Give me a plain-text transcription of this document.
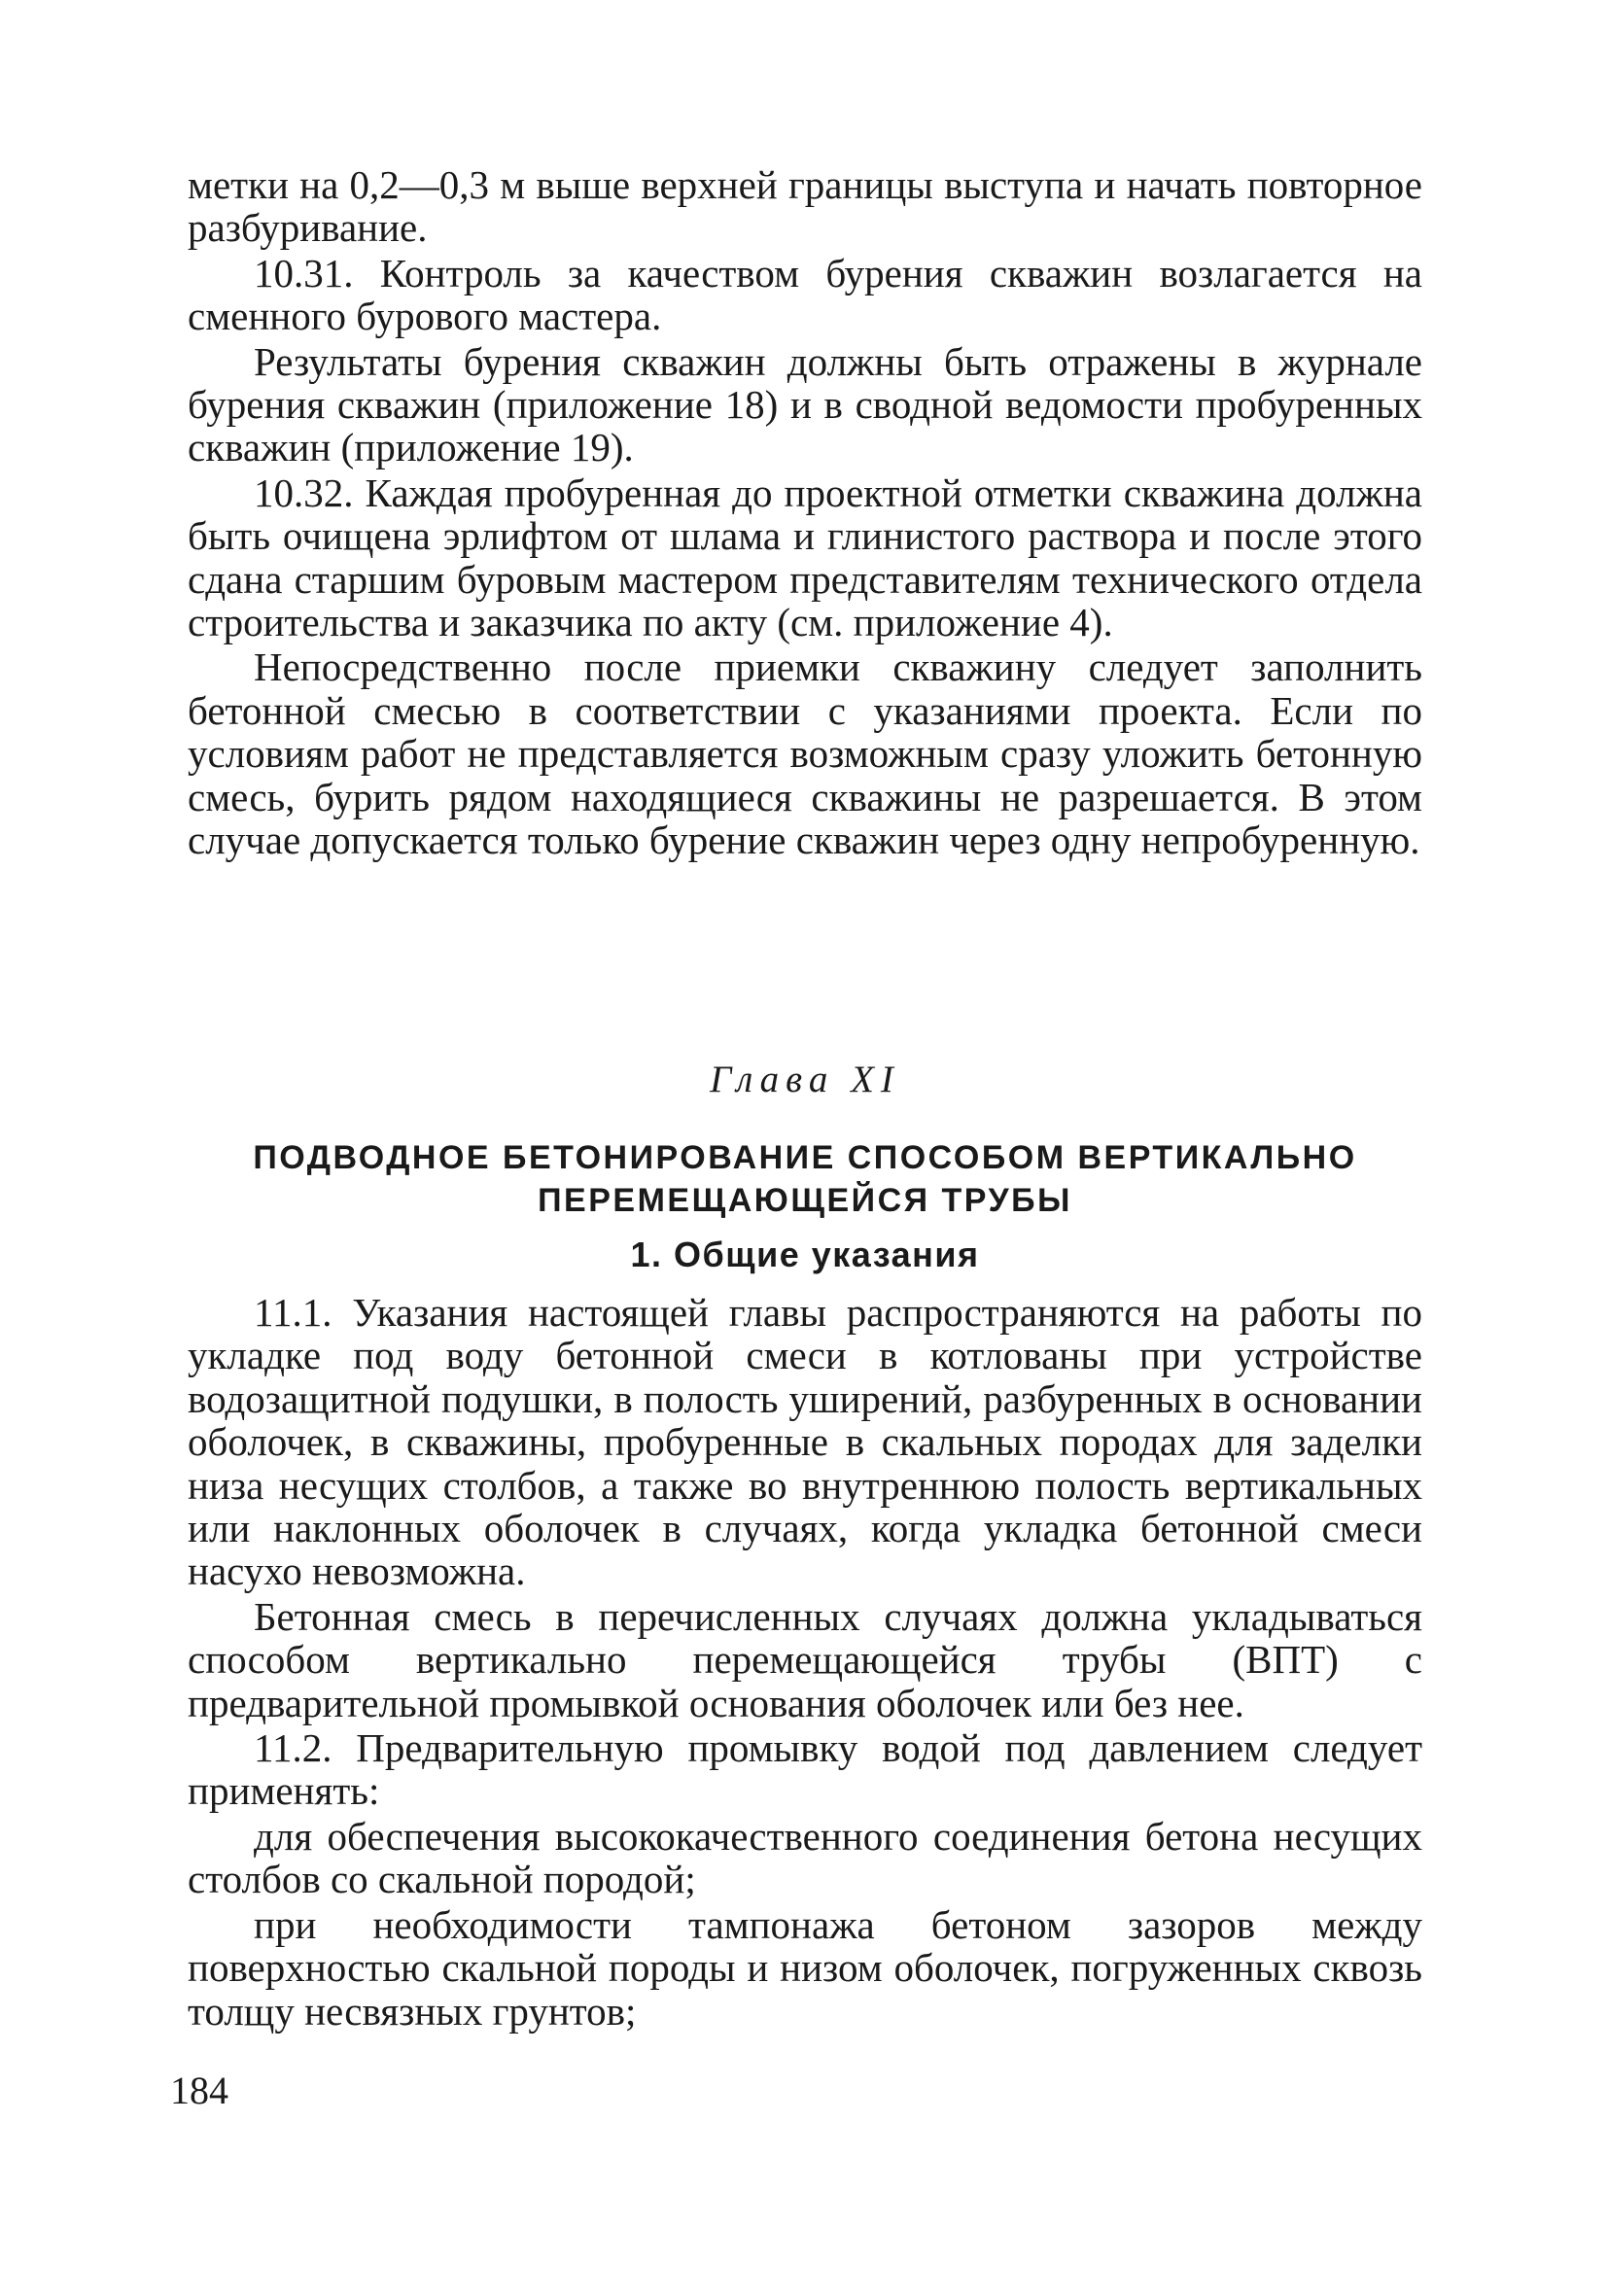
метки на 0,2—0,3 м выше верхней границы выступа и начать повторное разбуривание.

10.31. Контроль за качеством бурения скважин возлагается на сменного бурового мастера.

Результаты бурения скважин должны быть отражены в журнале бурения скважин (приложение 18) и в сводной ведомости пробуренных скважин (приложение 19).

10.32. Каждая пробуренная до проектной отметки скважина должна быть очищена эрлифтом от шлама и глинистого раствора и после этого сдана старшим буровым мастером представителям технического отдела строительства и заказчика по акту (см. приложение 4).

Непосредственно после приемки скважину следует заполнить бетонной смесью в соответствии с указаниями проекта. Если по условиям работ не представляется возможным сразу уложить бетонную смесь, бурить рядом находящиеся скважины не разрешается. В этом случае допускается только бурение скважин через одну непробуренную.

Глава XI

ПОДВОДНОЕ БЕТОНИРОВАНИЕ СПОСОБОМ ВЕРТИКАЛЬНО
ПЕРЕМЕЩАЮЩЕЙСЯ ТРУБЫ

1. Общие указания

11.1. Указания настоящей главы распространяются на работы по укладке под воду бетонной смеси в котлованы при устройстве водозащитной подушки, в полость уширений, разбуренных в основании оболочек, в скважины, пробуренные в скальных породах для заделки низа несущих столбов, а также во внутреннюю полость вертикальных или наклонных оболочек в случаях, когда укладка бетонной смеси насухо невозможна.

Бетонная смесь в перечисленных случаях должна укладываться способом вертикально перемещающейся трубы (ВПТ) с предварительной промывкой основания оболочек или без нее.

11.2. Предварительную промывку водой под давлением следует применять:

для обеспечения высококачественного соединения бетона несущих столбов со скальной породой;

при необходимости тампонажа бетоном зазоров между поверхностью скальной породы и низом оболочек, погруженных сквозь толщу несвязных грунтов;

184
